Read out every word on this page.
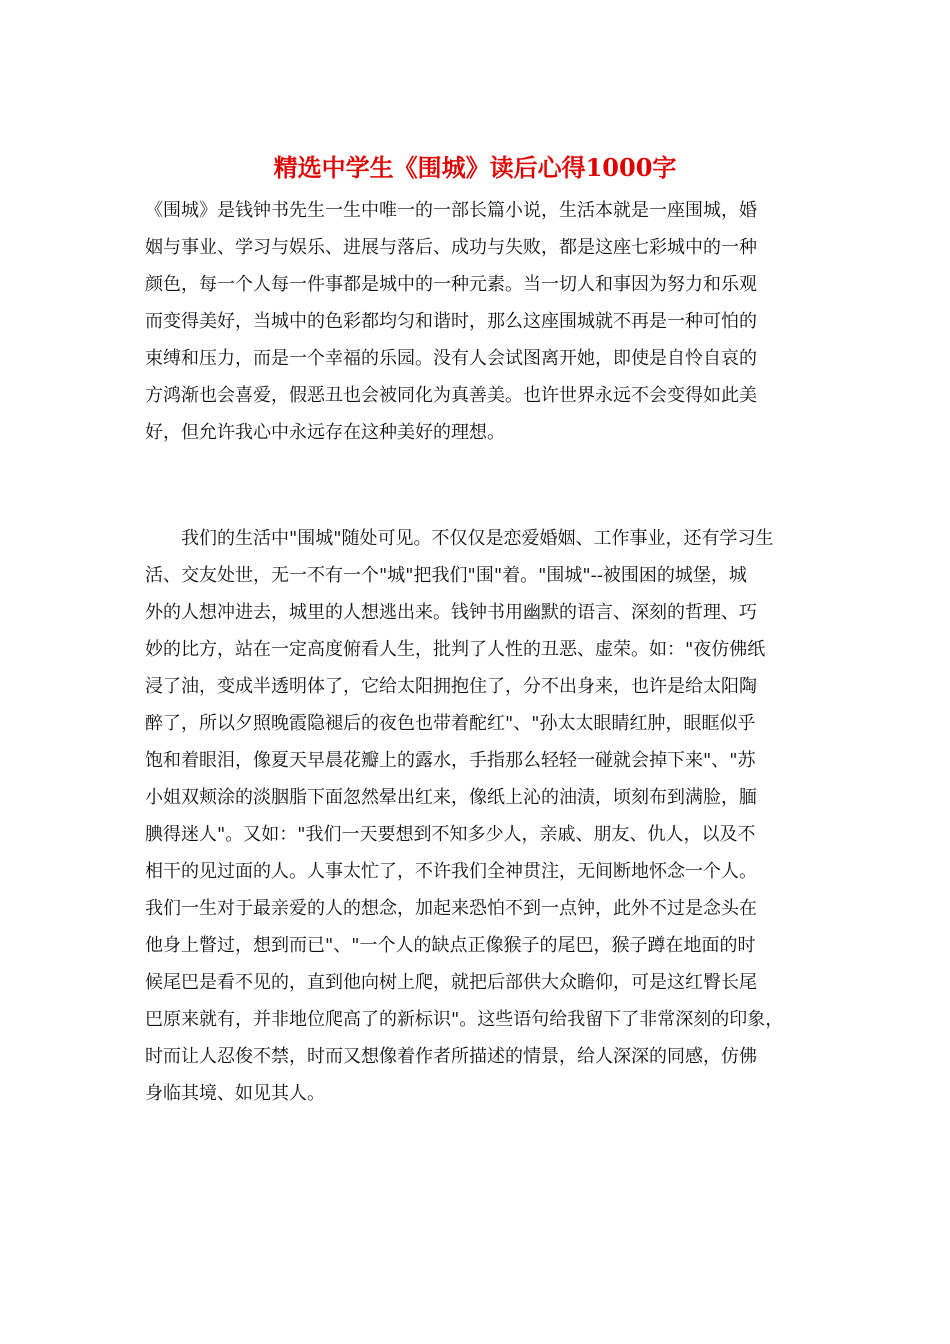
精选中学生《围城》读后心得1000字
《围城》是钱钟书先生一生中唯一的一部长篇小说，生活本就是一座围城，婚
姻与事业、学习与娱乐、进展与落后、成功与失败，都是这座七彩城中的一种
颜色，每一个人每一件事都是城中的一种元素。当一切人和事因为努力和乐观
而变得美好，当城中的色彩都均匀和谐时，那么这座围城就不再是一种可怕的
束缚和压力，而是一个幸福的乐园。没有人会试图离开她，即使是自怜自哀的
方鸿渐也会喜爱，假恶丑也会被同化为真善美。也许世界永远不会变得如此美
好，但允许我心中永远存在这种美好的理想。
　　我们的生活中"围城"随处可见。不仅仅是恋爱婚姻、工作事业，还有学习生
活、交友处世，无一不有一个"城"把我们"围"着。"围城"--被围困的城堡，城
外的人想冲进去，城里的人想逃出来。钱钟书用幽默的语言、深刻的哲理、巧
妙的比方，站在一定高度俯看人生，批判了人性的丑恶、虚荣。如："夜仿佛纸
浸了油，变成半透明体了，它给太阳拥抱住了，分不出身来，也许是给太阳陶
醉了，所以夕照晚霞隐褪后的夜色也带着酡红"、"孙太太眼睛红肿，眼眶似乎
饱和着眼泪，像夏天早晨花瓣上的露水，手指那么轻轻一碰就会掉下来"、"苏
小姐双颊涂的淡胭脂下面忽然晕出红来，像纸上沁的油渍，顷刻布到满脸，腼
腆得迷人"。又如："我们一天要想到不知多少人，亲戚、朋友、仇人，以及不
相干的见过面的人。人事太忙了，不许我们全神贯注，无间断地怀念一个人。
我们一生对于最亲爱的人的想念，加起来恐怕不到一点钟，此外不过是念头在
他身上瞥过，想到而已"、"一个人的缺点正像猴子的尾巴，猴子蹲在地面的时
候尾巴是看不见的，直到他向树上爬，就把后部供大众瞻仰，可是这红臀长尾
巴原来就有，并非地位爬高了的新标识"。这些语句给我留下了非常深刻的印象，
时而让人忍俊不禁，时而又想像着作者所描述的情景，给人深深的同感，仿佛
身临其境、如见其人。
